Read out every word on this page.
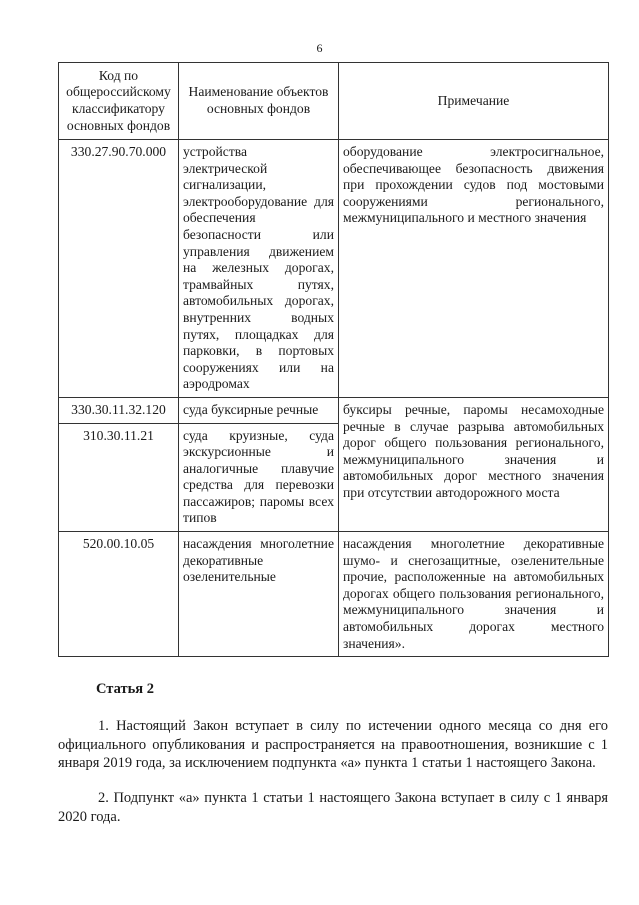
6
Код по общероссийскому классификатору основных фондов	Наименование объектов основных фондов	Примечание
330.27.90.70.000	устройства электрической сигнализации, электрооборудование для обеспечения безопасности или управления движением на железных дорогах, трамвайных путях, автомобильных дорогах, внутренних водных путях, площадках для парковки, в портовых сооружениях или на аэродромах	оборудование электросигнальное, обеспечивающее безопасность движения при прохождении судов под мостовыми сооружениями регионального, межмуниципального и местного значения
330.30.11.32.120	суда буксирные речные	буксиры речные, паромы несамоходные речные в случае разрыва автомобильных дорог общего пользования регионального, межмуниципального значения и автомобильных дорог местного значения при отсутствии автодорожного моста
310.30.11.21	суда круизные, суда экскурсионные и аналогичные плавучие средства для перевозки пассажиров; паромы всех типов	
520.00.10.05	насаждения многолетние декоративные озеленительные	насаждения многолетние декоративные шумо- и снегозащитные, озеленительные прочие, расположенные на автомобильных дорогах общего пользования регионального, межмуниципального значения и автомобильных дорогах местного значения».
Статья 2

1. Настоящий Закон вступает в силу по истечении одного месяца со дня его официального опубликования и распространяется на правоотношения, возникшие с 1 января 2019 года, за исключением подпункта «а» пункта 1 статьи 1 настоящего Закона.

2. Подпункт «а» пункта 1 статьи 1 настоящего Закона вступает в силу с 1 января 2020 года.
